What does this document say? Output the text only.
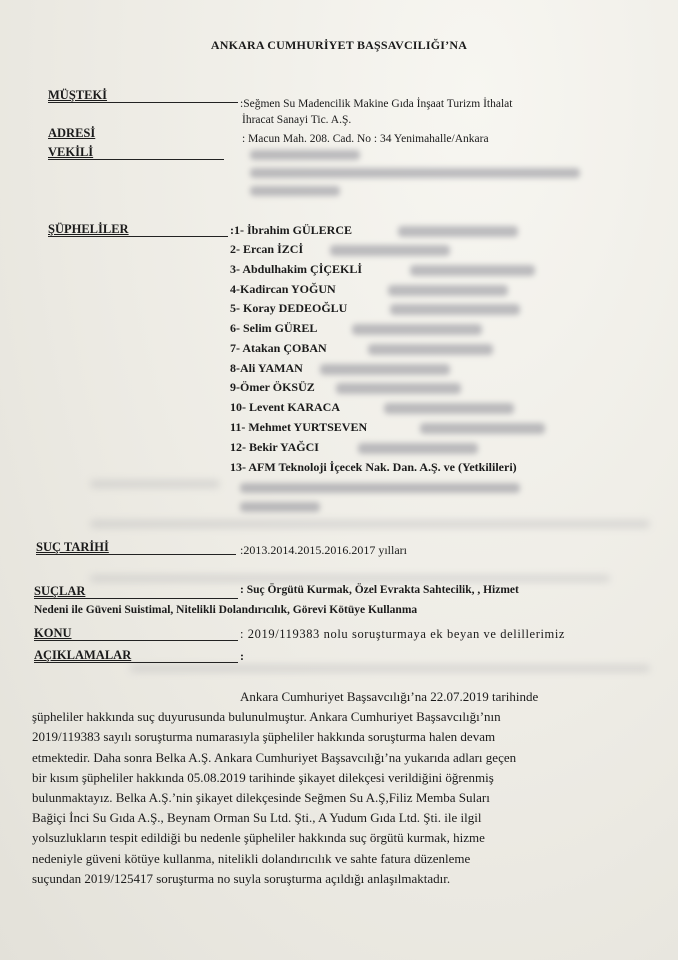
ANKARA CUMHURİYET BAŞSAVCILIĞI’NA
MÜŞTEKİ
:Seğmen Su Madencilik Makine Gıda İnşaat Turizm İthalat
İhracat Sanayi Tic. A.Ş.
ADRESİ	: Macun Mah. 208. Cad. No : 34 Yenimahalle/Ankara
VEKİLİ
ŞÜPHELİLER	:1- İbrahim GÜLERCE
2- Ercan İZCİ
3- Abdulhakim ÇİÇEKLİ
4-Kadircan YOĞUN
5- Koray DEDEOĞLU
6- Selim GÜREL
7- Atakan ÇOBAN
8-Ali YAMAN
9-Ömer ÖKSÜZ
10- Levent KARACA
11- Mehmet YURTSEVEN
12- Bekir YAĞCI
13- AFM Teknoloji İçecek Nak. Dan. A.Ş. ve (Yetkilileri)
SUÇ TARİHİ	:2013.2014.2015.2016.2017 yılları
SUÇLAR	: Suç Örgütü Kurmak, Özel Evrakta Sahtecilik, , Hizmet
Nedeni ile Güveni Suistimal, Nitelikli Dolandırıcılık, Görevi Kötüye Kullanma
KONU	: 2019/119383 nolu soruşturmaya ek beyan ve delillerimiz
AÇIKLAMALAR	:
Ankara Cumhuriyet Başsavcılığı’na 22.07.2019 tarihinde
şüpheliler hakkında suç duyurusunda bulunulmuştur. Ankara Cumhuriyet Başsavcılığı’nın
2019/119383 sayılı soruşturma numarasıyla şüpheliler hakkında soruşturma halen devam
etmektedir. Daha sonra Belka A.Ş. Ankara Cumhuriyet Başsavcılığı’na yukarıda adları geçen
bir kısım şüpheliler hakkında 05.08.2019 tarihinde şikayet dilekçesi verildiğini öğrenmiş
bulunmaktayız. Belka A.Ş.’nin şikayet dilekçesinde Seğmen Su A.Ş,Filiz Memba Suları
Bağiçi İnci Su Gıda A.Ş., Beynam Orman Su Ltd. Şti., A Yudum Gıda Ltd. Şti. ile ilgil
yolsuzlukların tespit edildiği bu nedenle şüpheliler hakkında suç örgütü kurmak, hizme
nedeniyle güveni kötüye kullanma, nitelikli dolandırıcılık ve sahte fatura düzenleme
suçundan 2019/125417 soruşturma no suyla soruşturma açıldığı anlaşılmaktadır.
